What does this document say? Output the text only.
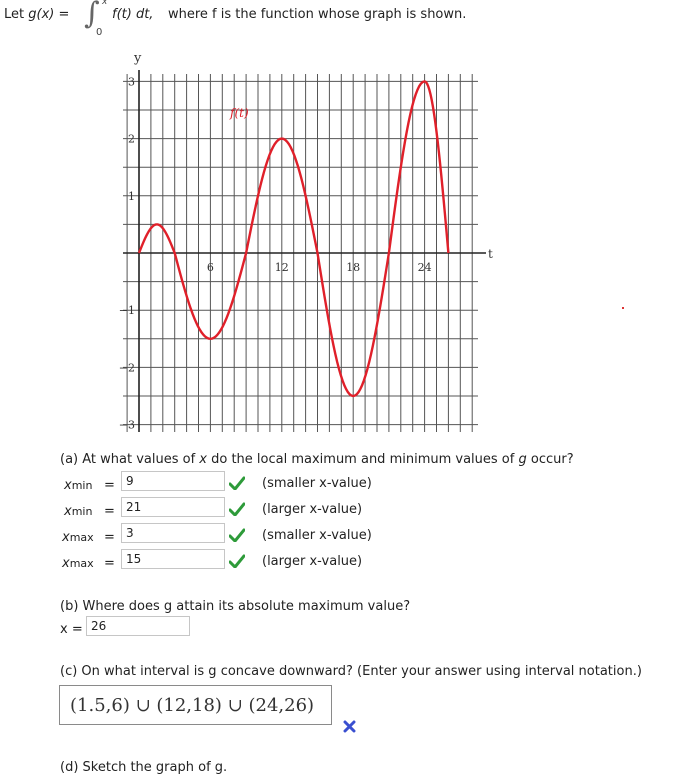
Let g(x) = ∫ x
0
f(t) dt, where f is the function whose graph is shown.
6	12	18	24
3
2
1
−1
−2
−3
y
t
f(t)
(a) At what values of x do the local maximum and minimum values of g occur?
xmin = 9	(smaller x-value)
xmin = 21	(larger x-value)
xmax = 3	(smaller x-value)
xmax = 15	(larger x-value)
(b) Where does g attain its absolute maximum value?
x = 26
(c) On what interval is g concave downward? (Enter your answer using interval notation.)
(1.5,6) ∪ (12,18) ∪ (24,26)
(d) Sketch the graph of g.
